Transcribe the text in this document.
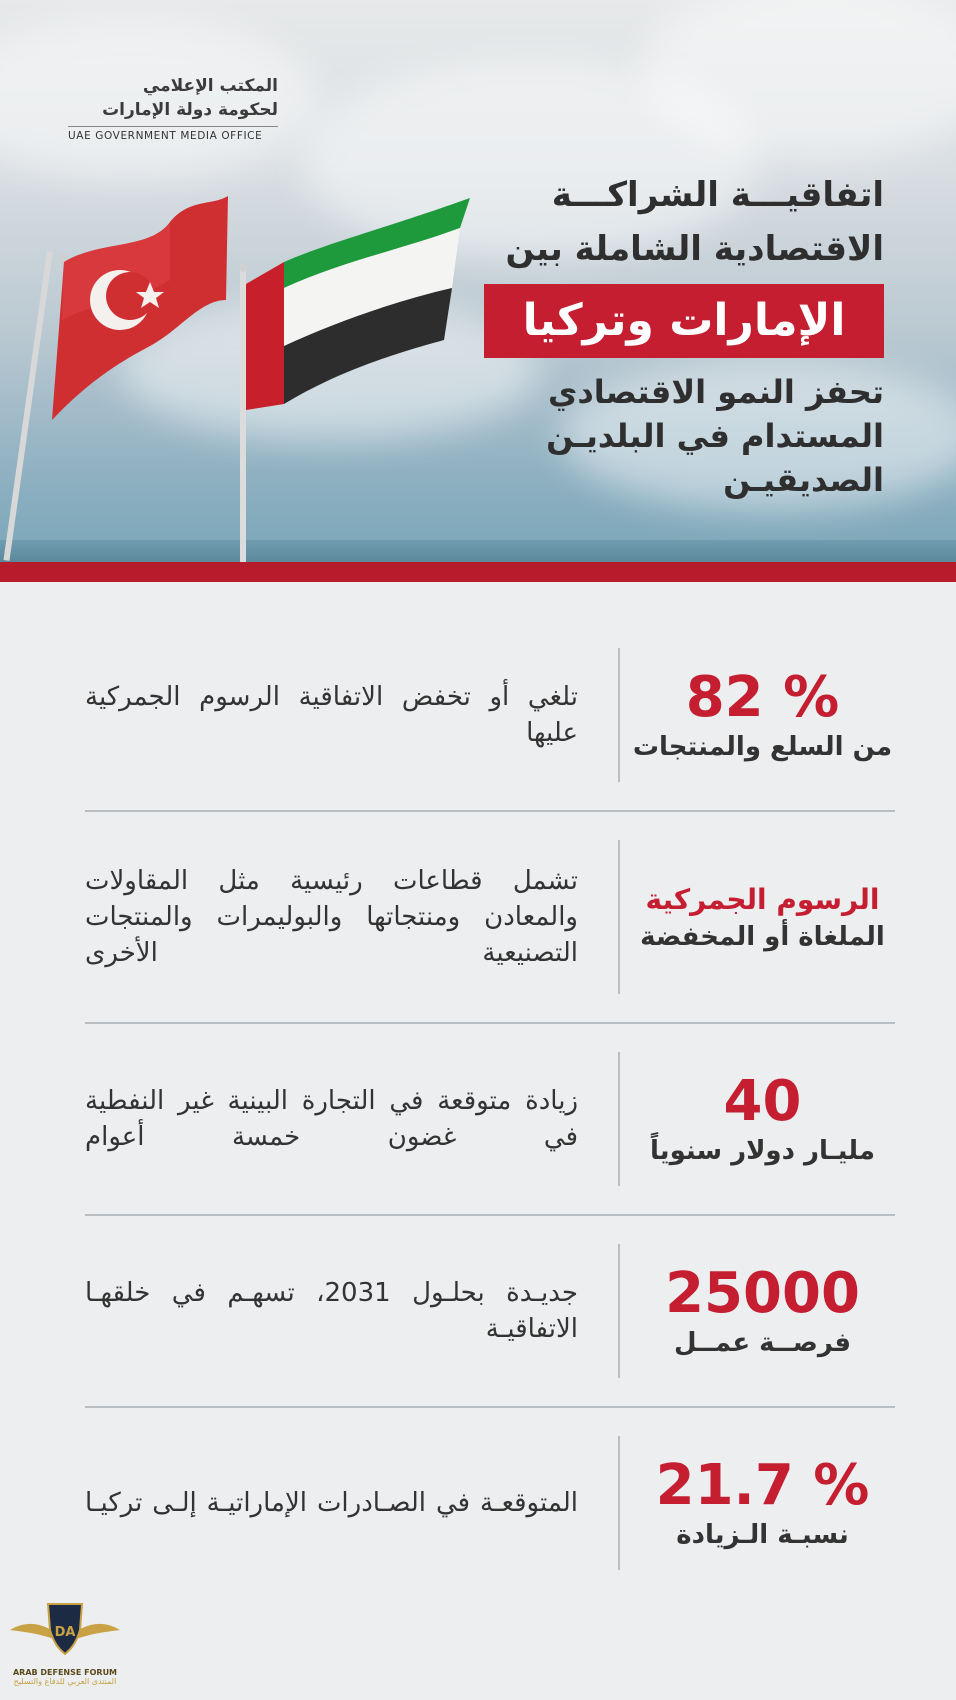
المكتب الإعلامي
لحكومة دولة الإمارات
UAE GOVERNMENT MEDIA OFFICE
اتفاقيـــة الشراكـــة
الاقتصادية الشاملة بين
الإمارات وتركيا
تحفز النمو الاقتصادي
المستدام في البلديـن
الصديقيـن
82 %
من السلع والمنتجات
تلغي أو تخفض الاتفاقية الرسوم الجمركية عليها
الرسوم الجمركية
الملغاة أو المخفضة
تشمل قطاعات رئيسية مثل المقاولات والمعادن ومنتجاتها والبوليمرات والمنتجات التصنيعية الأخرى
40
مليـار دولار سنوياً
زيادة متوقعة في التجارة البينية غير النفطية في غضون خمسة أعوام
25000
فرصــة عمــل
جديـدة بحلـول 2031، تسهـم في خلقهـا الاتفاقيـة
21.7 %
نسبـة الـزيادة
المتوقعـة في الصـادرات الإماراتيـة إلـى تركيـا
DA
ARAB DEFENSE FORUM
المنتدى العربي للدفاع والتسليح
